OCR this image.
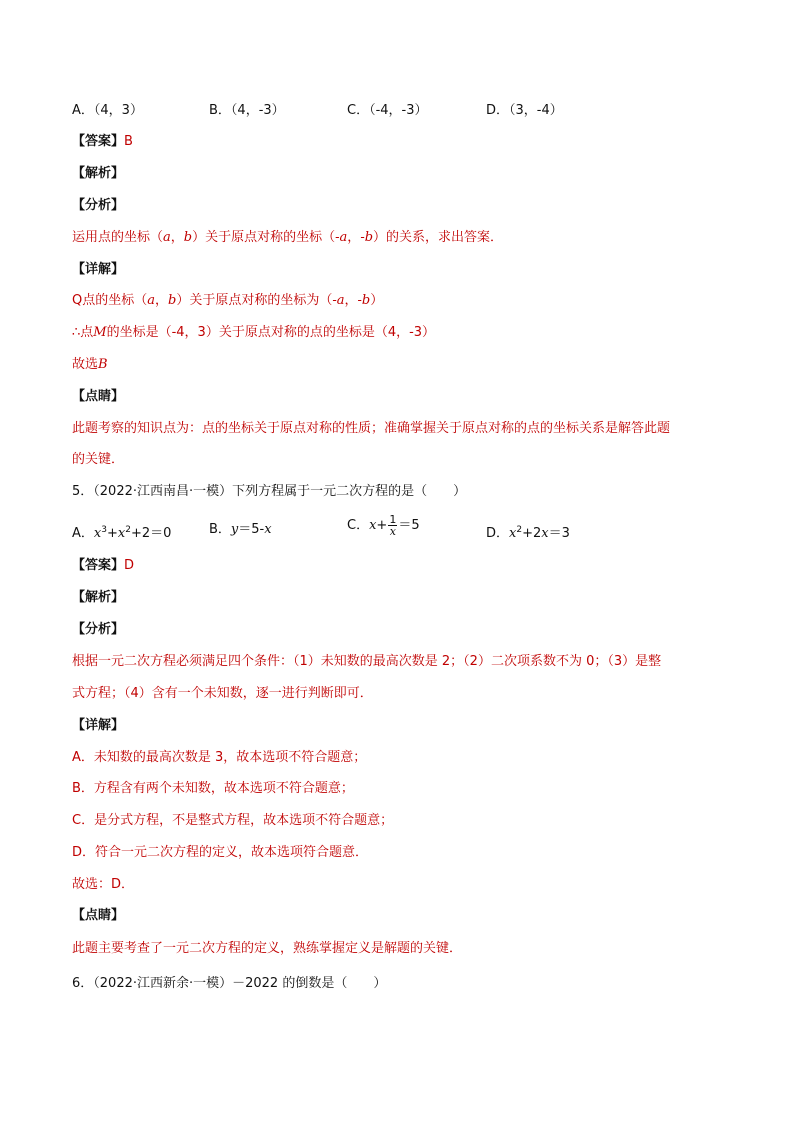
A．（4，3）	B．（4，-3）	C．（-4，-3）	D．（3，-4）
【答案】B
【解析】
【分析】
运用点的坐标（a，b）关于原点对称的坐标（-a，-b）的关系，求出答案．
【详解】
Q点的坐标（a，b）关于原点对称的坐标为（-a，-b）
∴点M的坐标是（-4，3）关于原点对称的点的坐标是（4，-3）
故选B
【点睛】
此题考察的知识点为：点的坐标关于原点对称的性质；准确掌握关于原点对称的点的坐标关系是解答此题
的关键．
5．（2022·江西南昌·一模）下列方程属于一元二次方程的是（　　）
A．$x^3+x^2+2=0$	B．y＝5-x	C．$x+ \frac{1}{x} =5$
D．$x^2+2x=3$
【答案】D
【解析】
【分析】
根据一元二次方程必须满足四个条件：（1）未知数的最高次数是 2；（2）二次项系数不为 0；（3）是整
式方程；（4）含有一个未知数，逐一进行判断即可．
【详解】
A．未知数的最高次数是 3，故本选项不符合题意；
B．方程含有两个未知数，故本选项不符合题意；
C．是分式方程，不是整式方程，故本选项不符合题意；
D．符合一元二次方程的定义，故本选项符合题意．
故选：D．
【点睛】
此题主要考查了一元二次方程的定义，熟练掌握定义是解题的关键．
6．（2022·江西新余·一模）－2022 的倒数是（　　）
